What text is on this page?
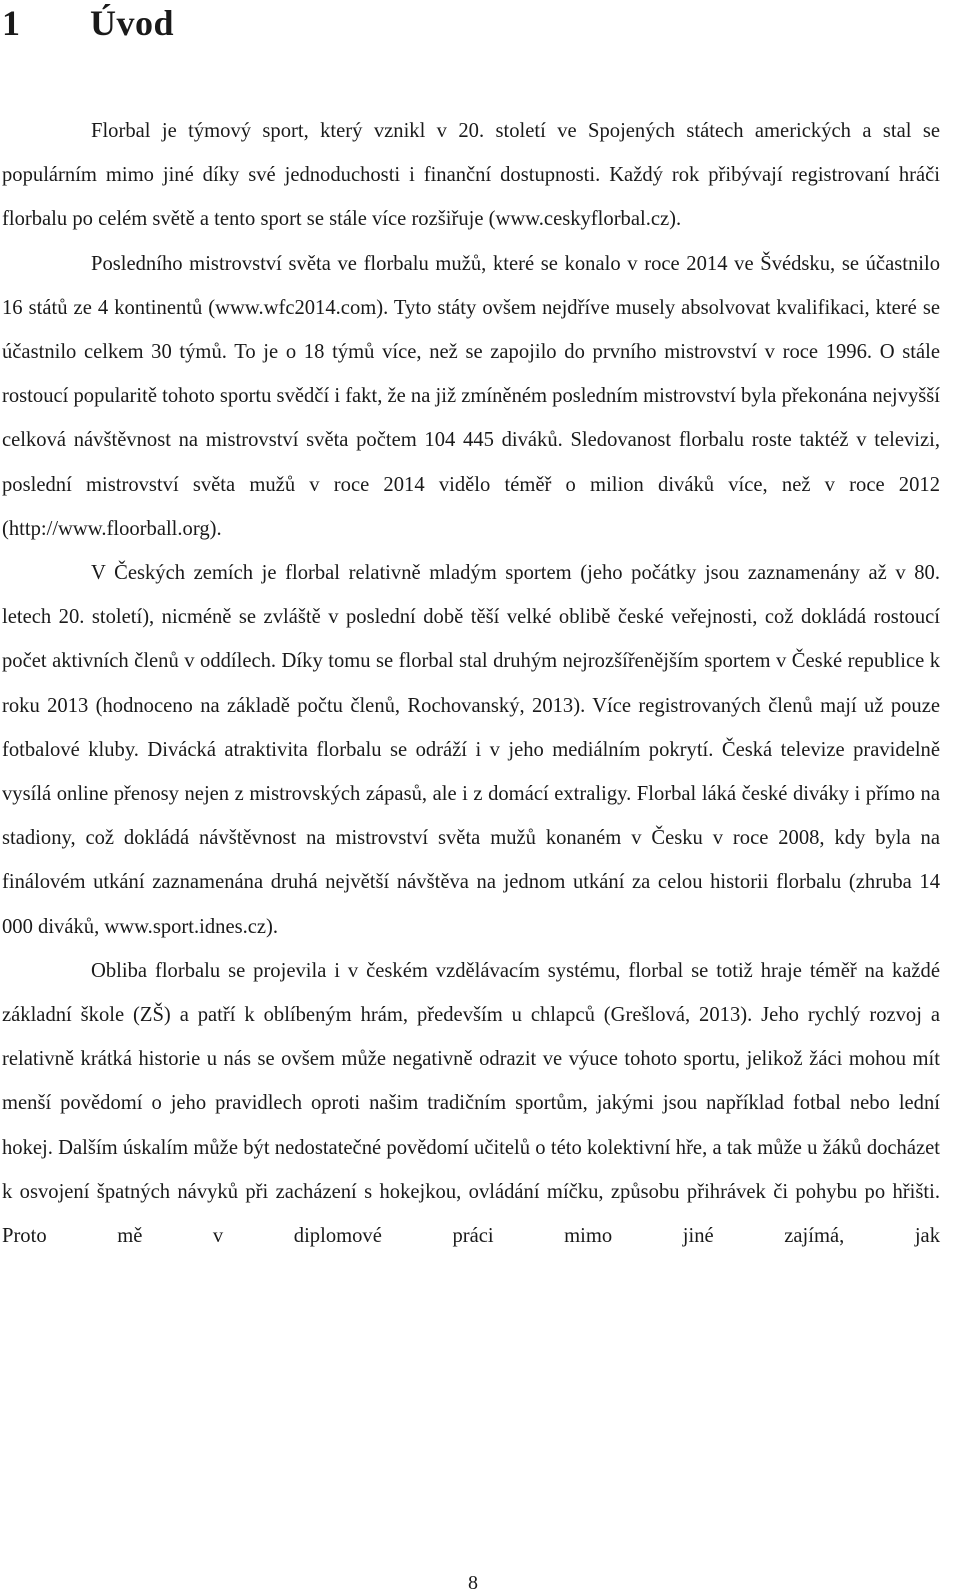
1 Úvod
Florbal je týmový sport, který vznikl v 20. století ve Spojených státech amerických a stal se populárním mimo jiné díky své jednoduchosti i finanční dostupnosti. Každý rok přibývají registrovaní hráči florbalu po celém světě a tento sport se stále více rozšiřuje (www.ceskyflorbal.cz).
Posledního mistrovství světa ve florbalu mužů, které se konalo v roce 2014 ve Švédsku, se účastnilo 16 států ze 4 kontinentů (www.wfc2014.com). Tyto státy ovšem nejdříve musely absolvovat kvalifikaci, které se účastnilo celkem 30 týmů. To je o 18 týmů více, než se zapojilo do prvního mistrovství v roce 1996. O stále rostoucí popularitě tohoto sportu svědčí i fakt, že na již zmíněném posledním mistrovství byla překonána nejvyšší celková návštěvnost na mistrovství světa počtem 104 445 diváků. Sledovanost florbalu roste taktéž v televizi, poslední mistrovství světa mužů v roce 2014 vidělo téměř o milion diváků více, než v roce 2012 (http://www.floorball.org).
V Českých zemích je florbal relativně mladým sportem (jeho počátky jsou zaznamenány až v 80. letech 20. století), nicméně se zvláště v poslední době těší velké oblibě české veřejnosti, což dokládá rostoucí počet aktivních členů v oddílech. Díky tomu se florbal stal druhým nejrozšířenějším sportem v České republice k roku 2013 (hodnoceno na základě počtu členů, Rochovanský, 2013). Více registrovaných členů mají už pouze fotbalové kluby. Divácká atraktivita florbalu se odráží i v jeho mediálním pokrytí. Česká televize pravidelně vysílá online přenosy nejen z mistrovských zápasů, ale i z domácí extraligy. Florbal láká české diváky i přímo na stadiony, což dokládá návštěvnost na mistrovství světa mužů konaném v Česku v roce 2008, kdy byla na finálovém utkání zaznamenána druhá největší návštěva na jednom utkání za celou historii florbalu (zhruba 14 000 diváků, www.sport.idnes.cz).
Obliba florbalu se projevila i v českém vzdělávacím systému, florbal se totiž hraje téměř na každé základní škole (ZŠ) a patří k oblíbeným hrám, především u chlapců (Grešlová, 2013). Jeho rychlý rozvoj a relativně krátká historie u nás se ovšem může negativně odrazit ve výuce tohoto sportu, jelikož žáci mohou mít menší povědomí o jeho pravidlech oproti našim tradičním sportům, jakými jsou například fotbal nebo lední hokej. Dalším úskalím může být nedostatečné povědomí učitelů o této kolektivní hře, a tak může u žáků docházet k osvojení špatných návyků při zacházení s hokejkou, ovládání míčku, způsobu přihrávek či pohybu po hřišti. Proto mě v diplomové práci mimo jiné zajímá, jak
8
